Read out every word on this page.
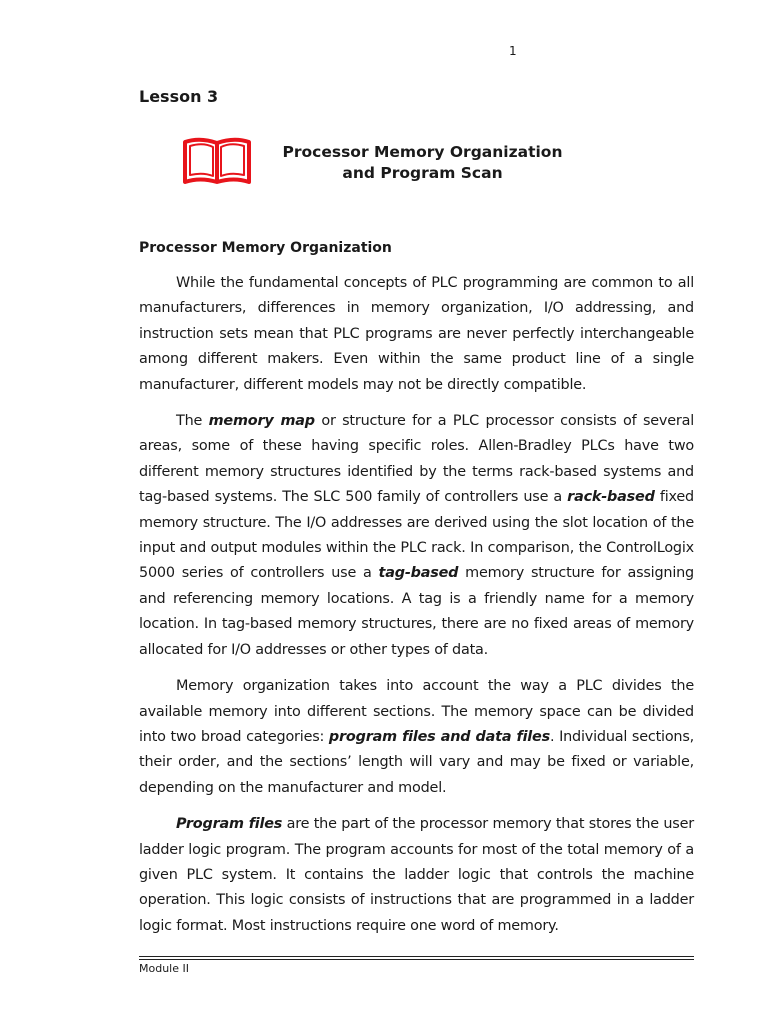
1
Lesson 3
Processor Memory Organization
and Program Scan
Processor Memory Organization

While the fundamental concepts of PLC programming are common to all manufacturers, differences in memory organization, I/O addressing, and instruction sets mean that PLC programs are never perfectly interchangeable among different makers. Even within the same product line of a single manufacturer, different models may not be directly compatible.

The memory map or structure for a PLC processor consists of several areas, some of these having specific roles. Allen-Bradley PLCs have two different memory structures identified by the terms rack-based systems and tag-based systems. The SLC 500 family of controllers use a rack-based fixed memory structure. The I/O addresses are derived using the slot location of the input and output modules within the PLC rack. In comparison, the ControlLogix 5000 series of controllers use a tag-based memory structure for assigning and referencing memory locations. A tag is a friendly name for a memory location. In tag-based memory structures, there are no fixed areas of memory allocated for I/O addresses or other types of data.

Memory organization takes into account the way a PLC divides the available memory into different sections. The memory space can be divided into two broad categories: program files and data files. Individual sections, their order, and the sections’ length will vary and may be fixed or variable, depending on the manufacturer and model.

Program files are the part of the processor memory that stores the user ladder logic program. The program accounts for most of the total memory of a given PLC system. It contains the ladder logic that controls the machine operation. This logic consists of instructions that are programmed in a ladder logic format. Most instructions require one word of memory.

Module II
